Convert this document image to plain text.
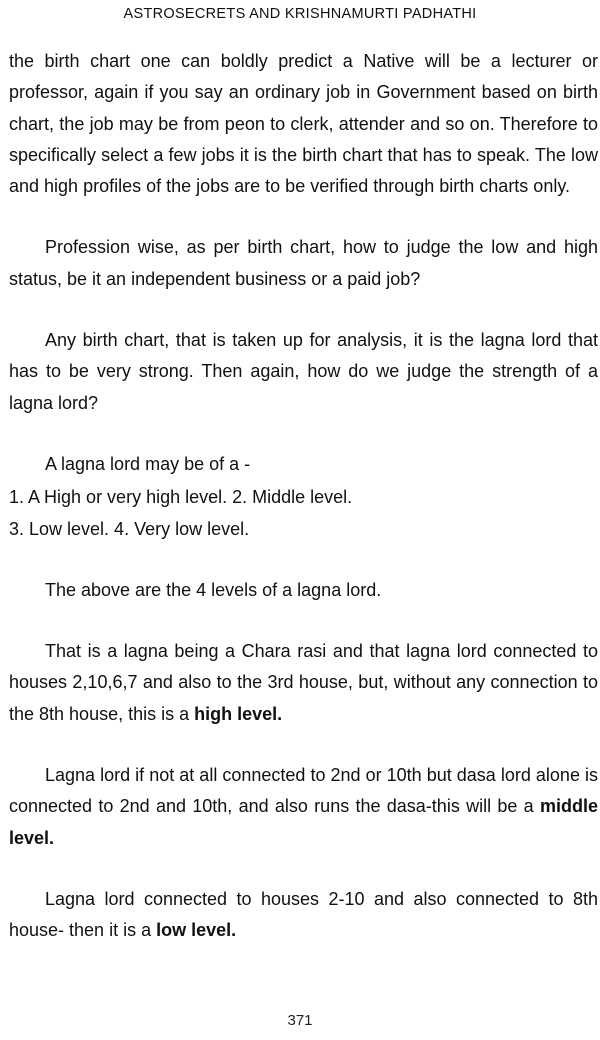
ASTROSECRETS AND KRISHNAMURTI PADHATHI

the birth chart one can boldly predict a Native will be a lecturer or professor, again if you say an ordinary job in Government based on birth chart, the job may be from peon to clerk, attender and so on. Therefore to specifically select a few jobs it is the birth chart that has to speak. The low and high profiles of the jobs are to be verified through birth charts only.

Profession wise, as per birth chart, how to judge the low and high status, be it an independent business or a paid job?

Any birth chart, that is taken up for analysis, it is the lagna lord that has to be very strong. Then again, how do we judge the strength of a lagna lord?

A lagna lord may be of a -

1. A High or very high level. 2. Middle level.

3. Low level. 4. Very low level.

The above are the 4 levels of a lagna lord.

That is a lagna being a Chara rasi and that lagna lord connected to houses 2,10,6,7 and also to the 3rd house, but, without any connection to the 8th house, this is a high level.

Lagna lord if not at all connected to 2nd or 10th but dasa lord alone is connected to 2nd and 10th, and also runs the dasa-this will be a middle level.

Lagna lord connected to houses 2-10 and also connected to 8th house- then it is a low level.

371
